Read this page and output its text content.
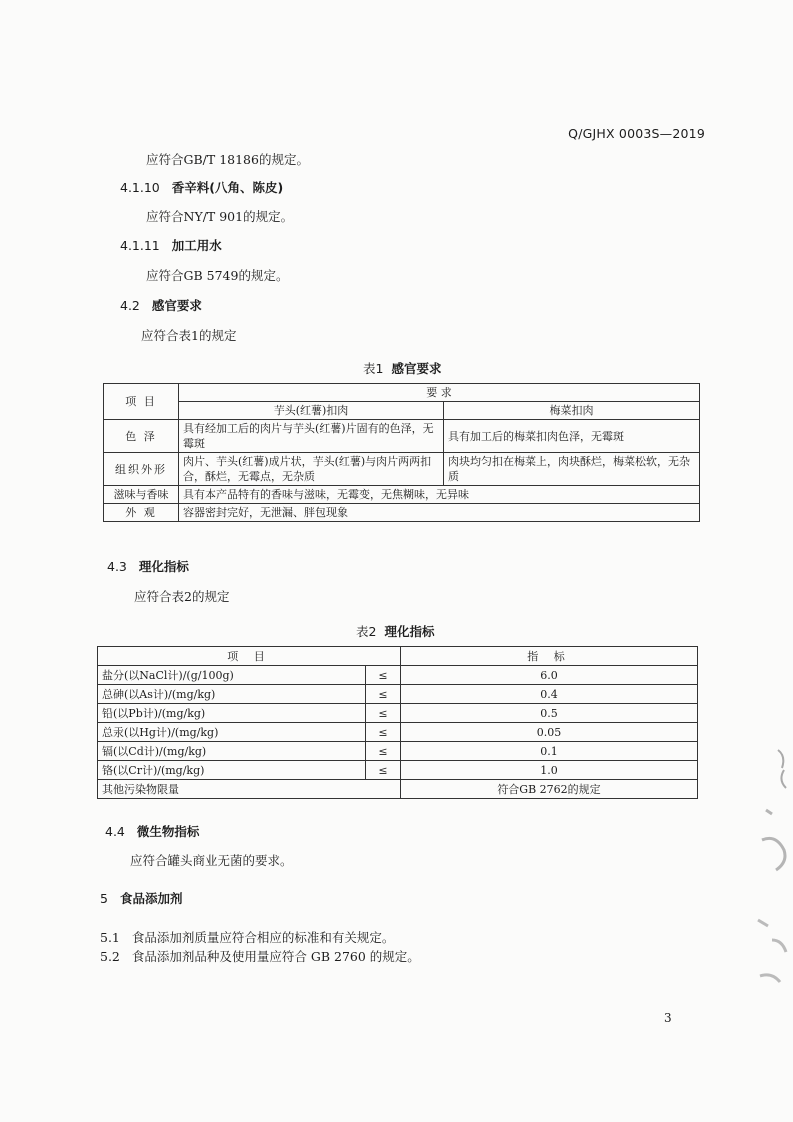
Q/GJHX 0003S—2019
应符合GB/T 18186的规定。
4.1.10 香辛料(八角、陈皮)
应符合NY/T 901的规定。
4.1.11 加工用水
应符合GB 5749的规定。
4.2 感官要求
应符合表1的规定
表1 感官要求
项 目	要 求	
	芋头(红薯)扣肉	梅菜扣肉
色 泽	具有经加工后的肉片与芋头(红薯)片固有的色泽，无霉斑	具有加工后的梅菜扣肉色泽，无霉斑
组织外形	肉片、芋头(红薯)成片状，芋头(红薯)与肉片两两扣合，酥烂，无霉点，无杂质	肉块均匀扣在梅菜上，肉块酥烂，梅菜松软，无杂质
滋味与香味	具有本产品特有的香味与滋味，无霉变，无焦糊味，无异味	
外 观	容器密封完好，无泄漏、胖包现象	
4.3 理化指标
应符合表2的规定
表2 理化指标
项 目		指 标
盐分(以NaCl计)/(g/100g)	≤	6.0
总砷(以As计)/(mg/kg)	≤	0.4
铅(以Pb计)/(mg/kg)	≤	0.5
总汞(以Hg计)/(mg/kg)	≤	0.05
镉(以Cd计)/(mg/kg)	≤	0.1
铬(以Cr计)/(mg/kg)	≤	1.0
其他污染物限量		符合GB 2762的规定
4.4 微生物指标
应符合罐头商业无菌的要求。
5 食品添加剂
5.1 食品添加剂质量应符合相应的标准和有关规定。
5.2 食品添加剂品种及使用量应符合 GB 2760 的规定。
3
